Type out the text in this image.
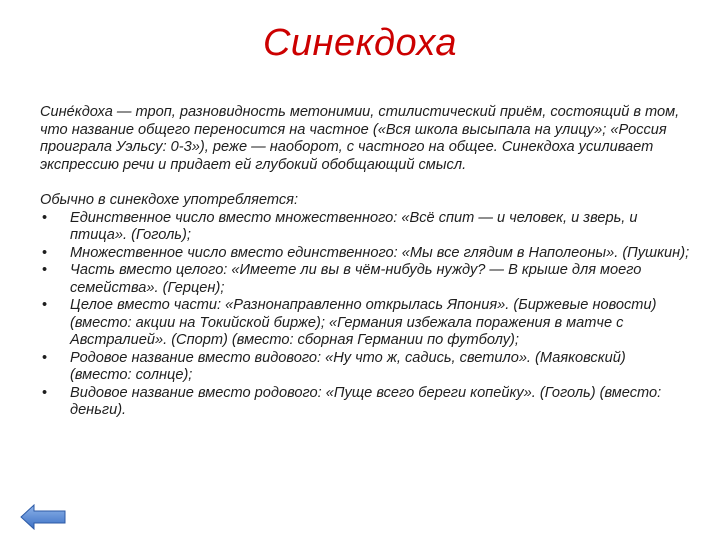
Синекдоха

Сине́кдоха — троп, разновидность метонимии, стилистический приём, состоящий в том, что название общего переносится на частное («Вся школа высыпала на улицу»; «Россия проиграла Уэльсу: 0-3»), реже — наоборот, с частного на общее. Синекдоха усиливает экспрессию речи и придает ей глубокий обобщающий смысл.

Обычно в синекдохе употребляется:

• Единственное число вместо множественного: «Всё спит — и человек, и зверь, и птица». (Гоголь);
• Множественное число вместо единственного: «Мы все глядим в Наполеоны». (Пушкин);
• Часть вместо целого: «Имеете ли вы в чём-нибудь нужду? — В крыше для моего семейства». (Герцен);
• Целое вместо части: «Разнонаправленно открылась Япония». (Биржевые новости) (вместо: акции на Токийской бирже); «Германия избежала поражения в матче с Австралией». (Спорт) (вместо: сборная Германии по футболу);
• Родовое название вместо видового: «Ну что ж, садись, светило». (Маяковский) (вместо: солнце);
• Видовое название вместо родового: «Пуще всего береги копейку». (Гоголь) (вместо: деньги).
